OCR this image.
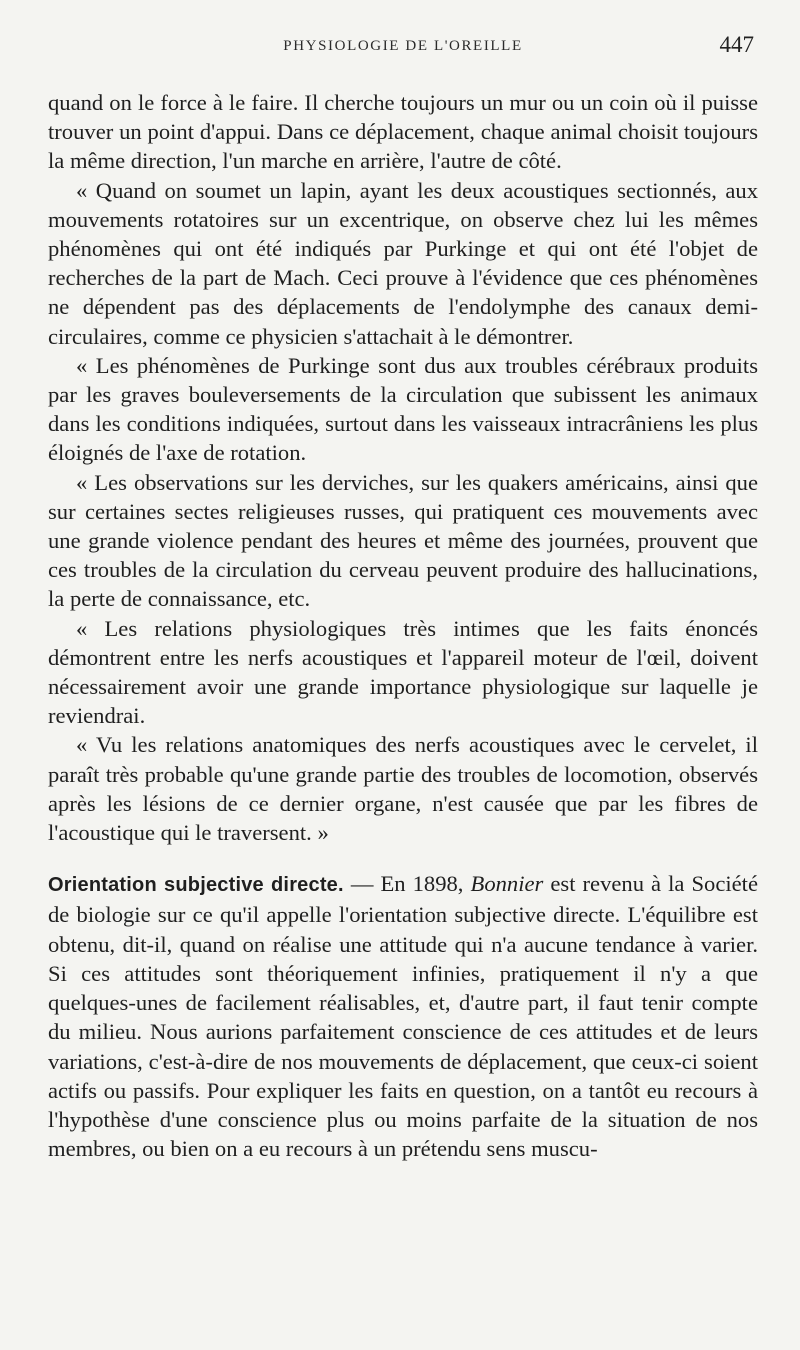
PHYSIOLOGIE DE L'OREILLE	447

quand on le force à le faire. Il cherche toujours un mur ou un coin où il puisse trouver un point d'appui. Dans ce déplacement, chaque animal choisit toujours la même direction, l'un marche en arrière, l'autre de côté.

« Quand on soumet un lapin, ayant les deux acoustiques sectionnés, aux mouvements rotatoires sur un excentrique, on observe chez lui les mêmes phénomènes qui ont été indiqués par Purkinge et qui ont été l'objet de recherches de la part de Mach. Ceci prouve à l'évidence que ces phénomènes ne dépendent pas des déplacements de l'endolymphe des canaux demi-circulaires, comme ce physicien s'attachait à le démontrer.

« Les phénomènes de Purkinge sont dus aux troubles cérébraux produits par les graves bouleversements de la circulation que subissent les animaux dans les conditions indiquées, surtout dans les vaisseaux intracrâniens les plus éloignés de l'axe de rotation.

« Les observations sur les derviches, sur les quakers américains, ainsi que sur certaines sectes religieuses russes, qui pratiquent ces mouvements avec une grande violence pendant des heures et même des journées, prouvent que ces troubles de la circulation du cerveau peuvent produire des hallucinations, la perte de connaissance, etc.

« Les relations physiologiques très intimes que les faits énoncés démontrent entre les nerfs acoustiques et l'appareil moteur de l'œil, doivent nécessairement avoir une grande importance physiologique sur laquelle je reviendrai.

« Vu les relations anatomiques des nerfs acoustiques avec le cervelet, il paraît très probable qu'une grande partie des troubles de locomotion, observés après les lésions de ce dernier organe, n'est causée que par les fibres de l'acoustique qui le traversent. »

Orientation subjective directe. — En 1898, Bonnier est revenu à la Société de biologie sur ce qu'il appelle l'orientation subjective directe. L'équilibre est obtenu, dit-il, quand on réalise une attitude qui n'a aucune tendance à varier. Si ces attitudes sont théoriquement infinies, pratiquement il n'y a que quelques-unes de facilement réalisables, et, d'autre part, il faut tenir compte du milieu. Nous aurions parfaitement conscience de ces attitudes et de leurs variations, c'est-à-dire de nos mouvements de déplacement, que ceux-ci soient actifs ou passifs. Pour expliquer les faits en question, on a tantôt eu recours à l'hypothèse d'une conscience plus ou moins parfaite de la situation de nos membres, ou bien on a eu recours à un prétendu sens muscu-
